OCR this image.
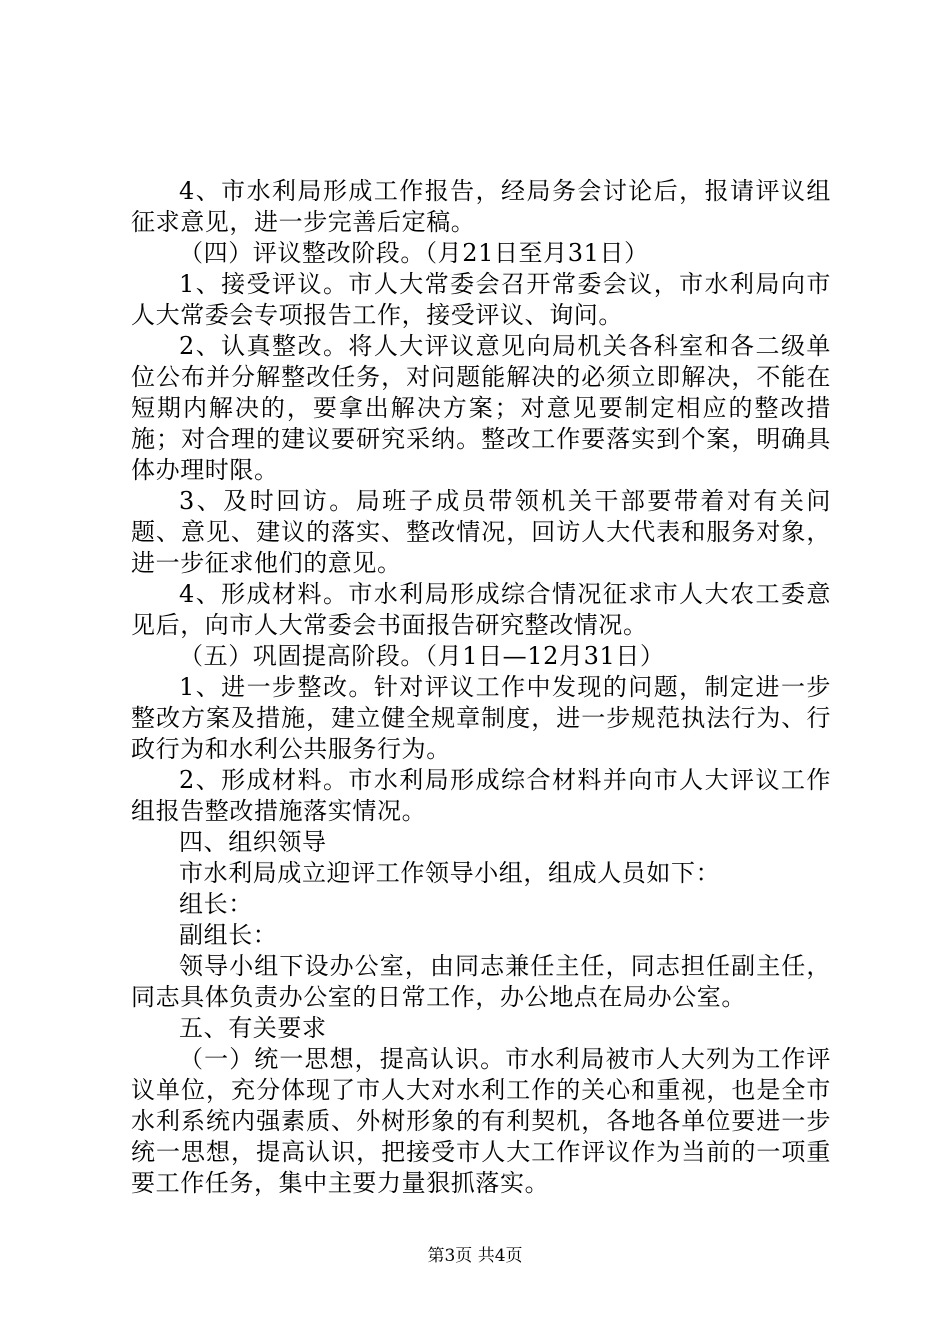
4、市水利局形成工作报告，经局务会讨论后，报请评议组征求意见，进一步完善后定稿。

（四）评议整改阶段。（月21日至月31日）

1、接受评议。市人大常委会召开常委会议，市水利局向市人大常委会专项报告工作，接受评议、询问。

2、认真整改。将人大评议意见向局机关各科室和各二级单位公布并分解整改任务，对问题能解决的必须立即解决，不能在短期内解决的，要拿出解决方案；对意见要制定相应的整改措施；对合理的建议要研究采纳。整改工作要落实到个案，明确具体办理时限。

3、及时回访。局班子成员带领机关干部要带着对有关问题、意见、建议的落实、整改情况，回访人大代表和服务对象，进一步征求他们的意见。

4、形成材料。市水利局形成综合情况征求市人大农工委意见后，向市人大常委会书面报告研究整改情况。

（五）巩固提高阶段。（月1日—12月31日）

1、进一步整改。针对评议工作中发现的问题，制定进一步整改方案及措施，建立健全规章制度，进一步规范执法行为、行政行为和水利公共服务行为。

2、形成材料。市水利局形成综合材料并向市人大评议工作组报告整改措施落实情况。

四、组织领导

市水利局成立迎评工作领导小组，组成人员如下：

组长：

副组长：

领导小组下设办公室，由同志兼任主任，同志担任副主任，同志具体负责办公室的日常工作，办公地点在局办公室。

五、有关要求

（一）统一思想，提高认识。市水利局被市人大列为工作评议单位，充分体现了市人大对水利工作的关心和重视，也是全市水利系统内强素质、外树形象的有利契机，各地各单位要进一步统一思想，提高认识，把接受市人大工作评议作为当前的一项重要工作任务，集中主要力量狠抓落实。

第3页 共4页
